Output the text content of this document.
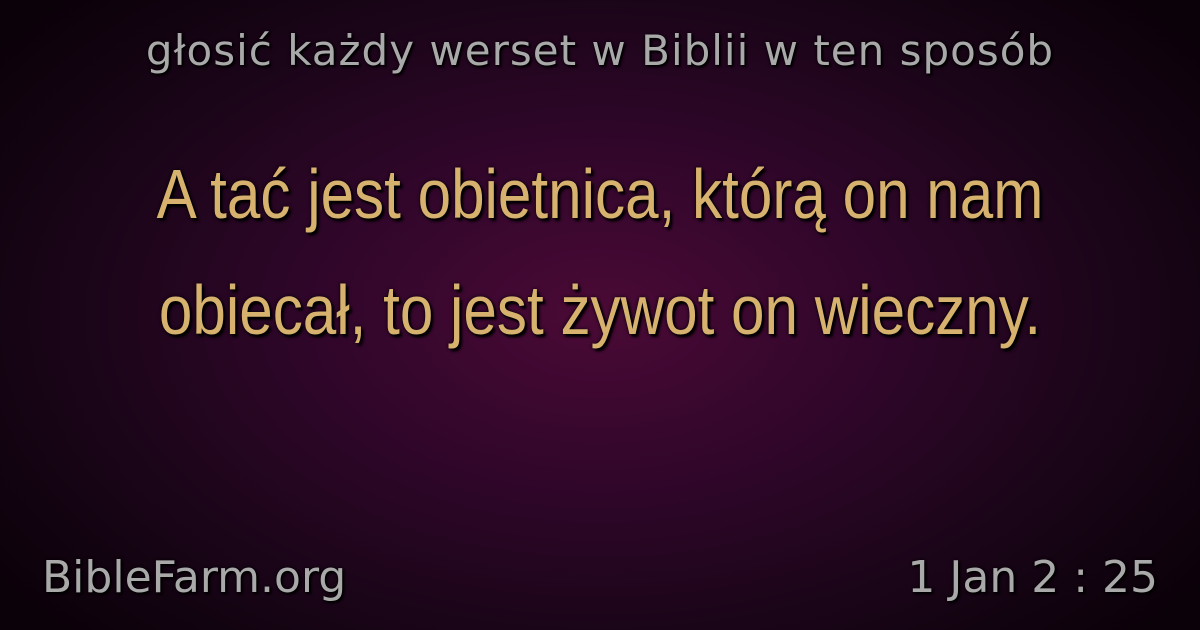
głosić każdy werset w Biblii w ten sposób
A tać jest obietnica, którą on nam obiecał, to jest żywot on wieczny.
BibleFarm.org	1 Jan 2 : 25
